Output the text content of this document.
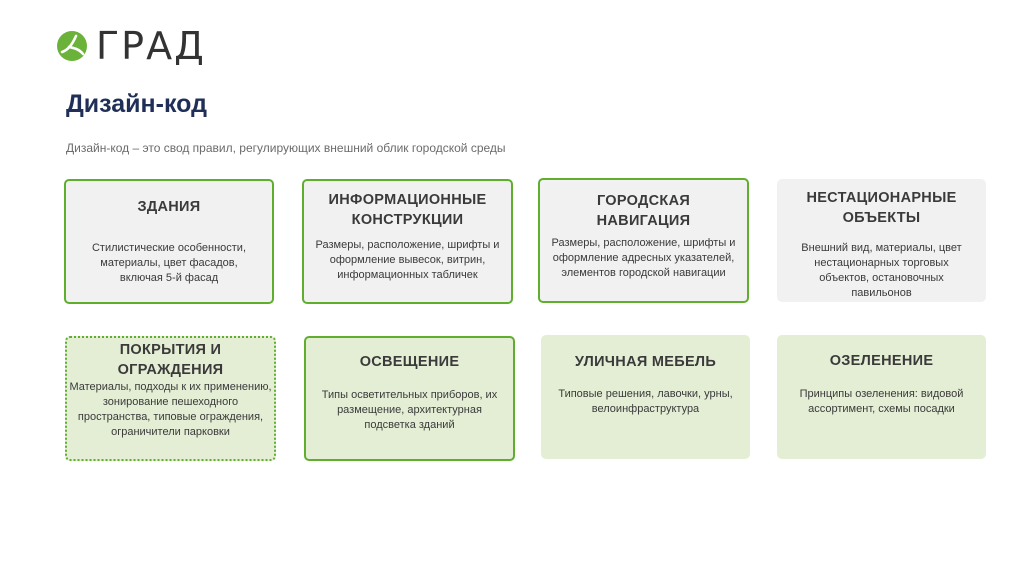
ГРАД
Дизайн-код
Дизайн-код – это свод правил, регулирующих внешний облик городской среды
ЗДАНИЯ
Стилистические особенности, материалы, цвет фасадов, включая 5-й фасад
ИНФОРМАЦИОННЫЕ КОНСТРУКЦИИ
Размеры, расположение, шрифты и оформление вывесок, витрин, информационных табличек
ГОРОДСКАЯ НАВИГАЦИЯ
Размеры, расположение, шрифты и оформление адресных указателей, элементов городской навигации
НЕСТАЦИОНАРНЫЕ ОБЪЕКТЫ
Внешний вид, материалы, цвет нестационарных торговых объектов, остановочных павильонов
ПОКРЫТИЯ И ОГРАЖДЕНИЯ
Материалы, подходы к их применению, зонирование пешеходного пространства, типовые ограждения, ограничители парковки
ОСВЕЩЕНИЕ
Типы осветительных приборов, их размещение, архитектурная подсветка зданий
УЛИЧНАЯ МЕБЕЛЬ
Типовые решения, лавочки, урны, велоинфраструктура
ОЗЕЛЕНЕНИЕ
Принципы озеленения: видовой ассортимент, схемы посадки
